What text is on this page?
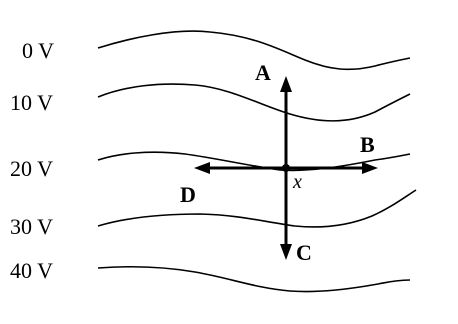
0 V
10 V
20 V
30 V
40 V
x
A
B
C
D
